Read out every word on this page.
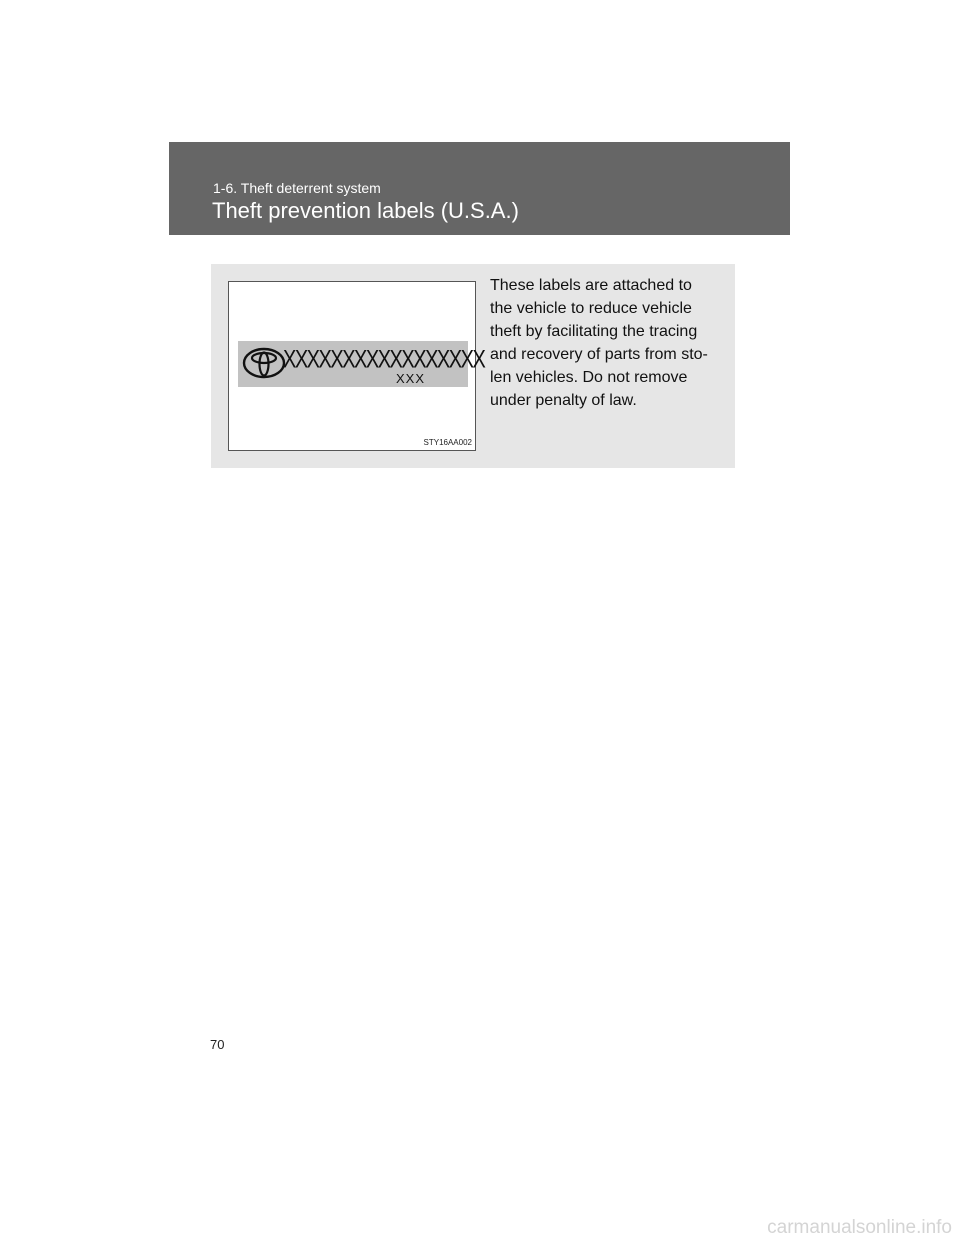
1-6. Theft deterrent system
Theft prevention labels (U.S.A.)
XXXXXXXXXXXXXXXXX
XXX
STY16AA002
These labels are attached to
the vehicle to reduce vehicle
theft by facilitating the tracing
and recovery of parts from sto-
len vehicles. Do not remove
under penalty of law.
70
carmanualsonline.info
